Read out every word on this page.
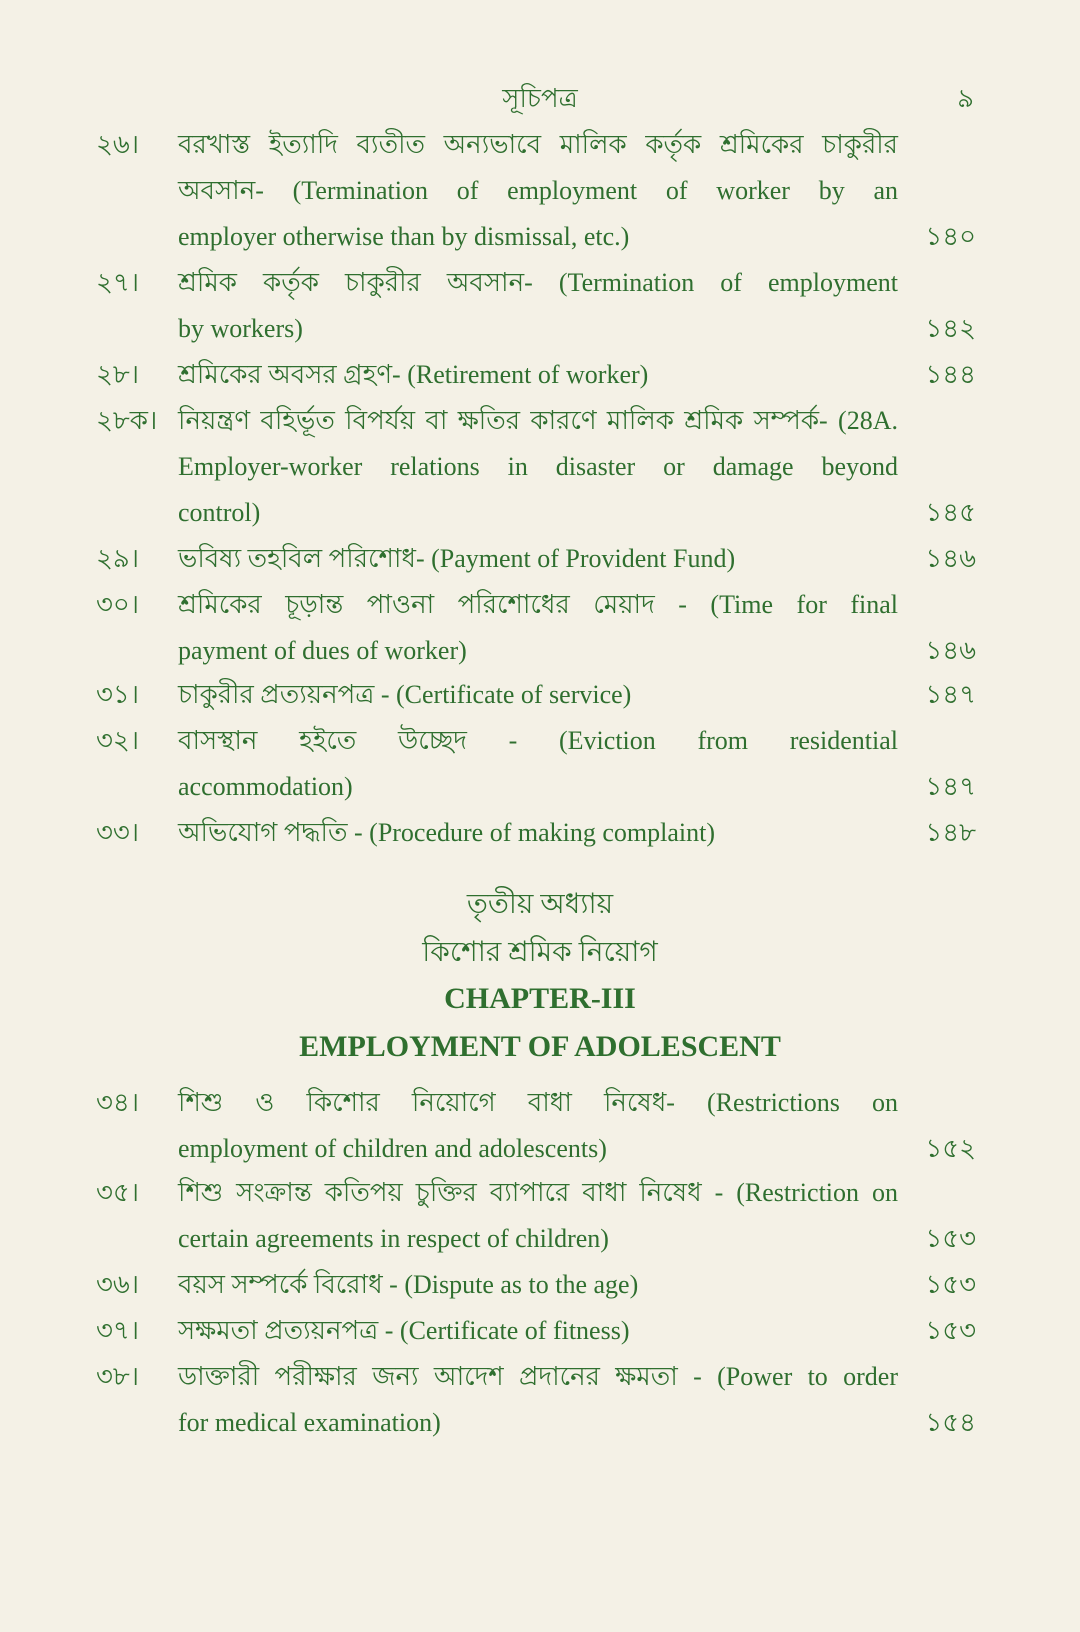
সূচিপত্র	৯
২৬।	বরখাস্ত ইত্যাদি ব্যতীত অন্যভাবে মালিক কর্তৃক শ্রমিকের চাকুরীর
অবসান- (Termination of employment of worker by an
employer otherwise than by dismissal, etc.)	১৪০
২৭।	শ্রমিক কর্তৃক চাকুরীর অবসান- (Termination of employment
by workers)	১৪২
২৮।	শ্রমিকের অবসর গ্রহণ- (Retirement of worker)	১৪৪
২৮ক। নিয়ন্ত্রণ বহির্ভূত বিপর্যয় বা ক্ষতির কারণে মালিক শ্রমিক সম্পর্ক- (28A.
Employer-worker relations in disaster or damage beyond
control)	১৪৫
২৯।	ভবিষ্য তহবিল পরিশোধ- (Payment of Provident Fund)	১৪৬
৩০।	শ্রমিকের চূড়ান্ত পাওনা পরিশোধের মেয়াদ - (Time for final
payment of dues of worker)	১৪৬
৩১।	চাকুরীর প্রত্যয়নপত্র - (Certificate of service)	১৪৭
৩২।	বাসস্থান হইতে উচ্ছেদ - (Eviction from residential
accommodation)	১৪৭
৩৩।	অভিযোগ পদ্ধতি - (Procedure of making complaint)	১৪৮
তৃতীয় অধ্যায়
কিশোর শ্রমিক নিয়োগ
CHAPTER-III
EMPLOYMENT OF ADOLESCENT
৩৪।	শিশু ও কিশোর নিয়োগে বাধা নিষেধ- (Restrictions on
employment of children and adolescents)	১৫২
৩৫।	শিশু সংক্রান্ত কতিপয় চুক্তির ব্যাপারে বাধা নিষেধ - (Restriction on
certain agreements in respect of children)	১৫৩
৩৬।	বয়স সম্পর্কে বিরোধ - (Dispute as to the age)	১৫৩
৩৭।	সক্ষমতা প্রত্যয়নপত্র - (Certificate of fitness)	১৫৩
৩৮।	ডাক্তারী পরীক্ষার জন্য আদেশ প্রদানের ক্ষমতা - (Power to order
for medical examination)	১৫৪
